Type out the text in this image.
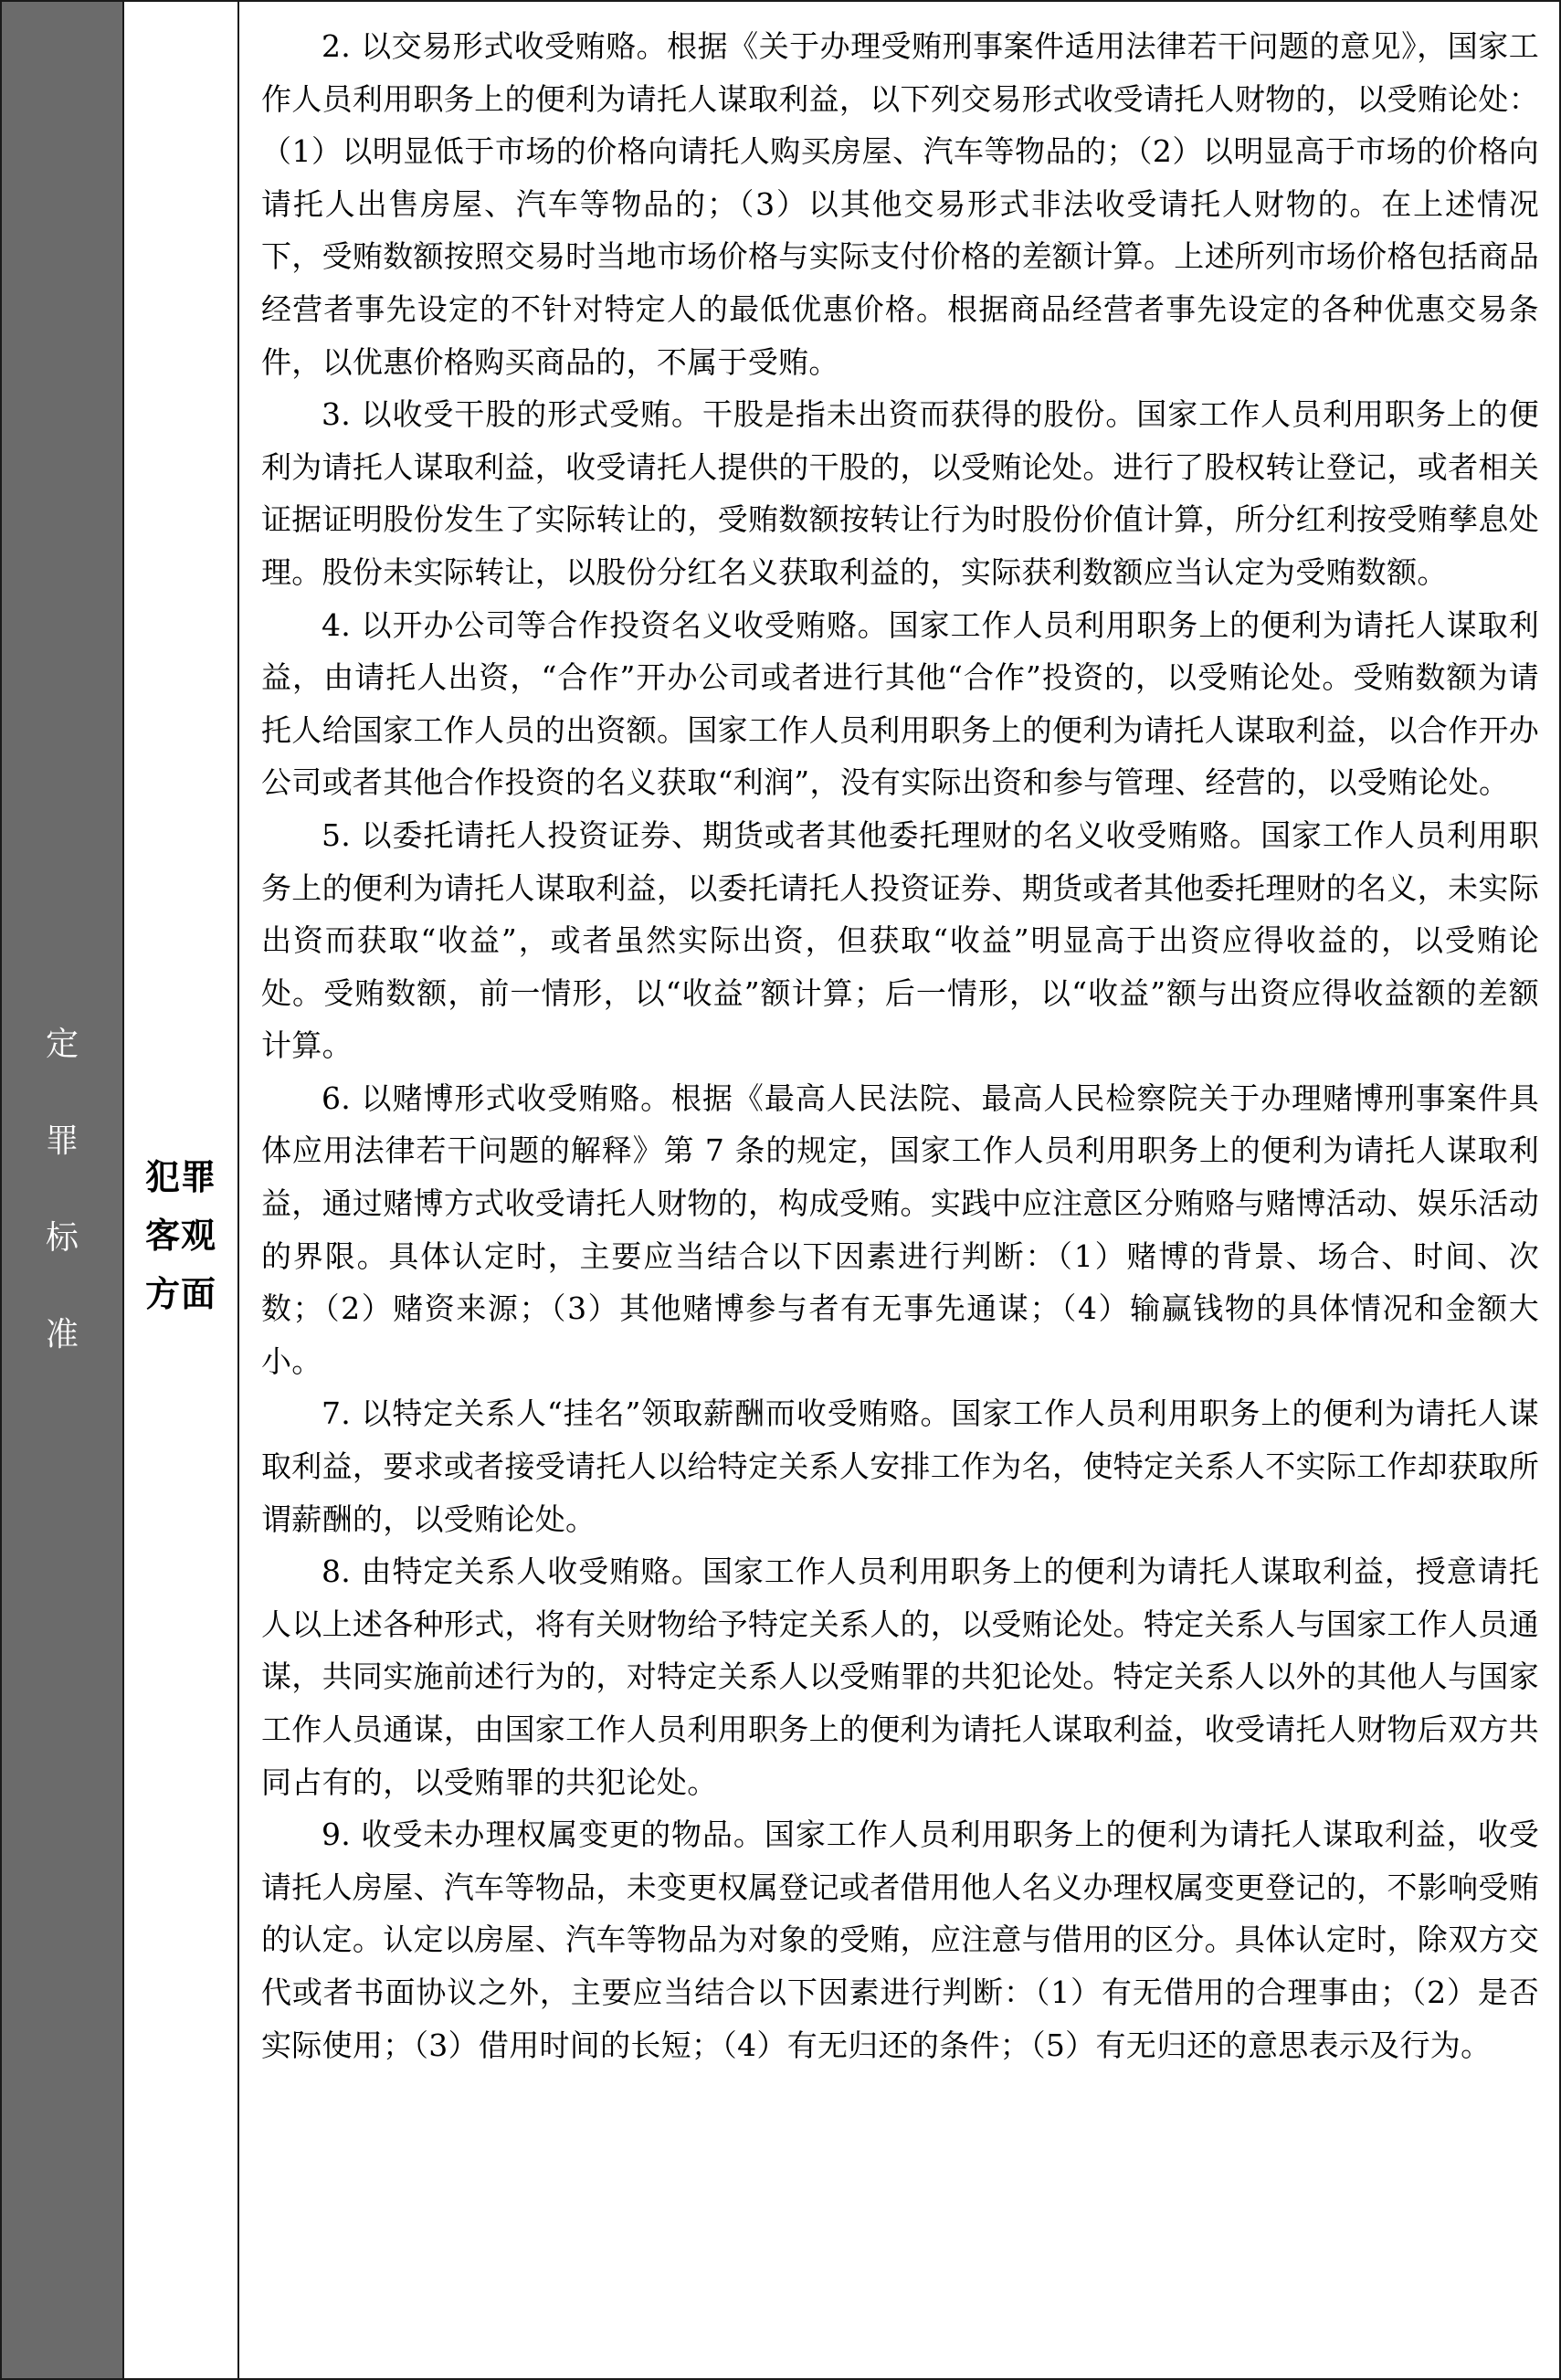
定
罪
标
准
犯罪客观方面

2. 以交易形式收受贿赂。根据《关于办理受贿刑事案件适用法律若干问题的意见》，国家工作人员利用职务上的便利为请托人谋取利益，以下列交易形式收受请托人财物的，以受贿论处：（1）以明显低于市场的价格向请托人购买房屋、汽车等物品的；（2）以明显高于市场的价格向请托人出售房屋、汽车等物品的；（3）以其他交易形式非法收受请托人财物的。在上述情况下，受贿数额按照交易时当地市场价格与实际支付价格的差额计算。上述所列市场价格包括商品经营者事先设定的不针对特定人的最低优惠价格。根据商品经营者事先设定的各种优惠交易条件，以优惠价格购买商品的，不属于受贿。

3. 以收受干股的形式受贿。干股是指未出资而获得的股份。国家工作人员利用职务上的便利为请托人谋取利益，收受请托人提供的干股的，以受贿论处。进行了股权转让登记，或者相关证据证明股份发生了实际转让的，受贿数额按转让行为时股份价值计算，所分红利按受贿孳息处理。股份未实际转让，以股份分红名义获取利益的，实际获利数额应当认定为受贿数额。

4. 以开办公司等合作投资名义收受贿赂。国家工作人员利用职务上的便利为请托人谋取利益，由请托人出资，“合作”开办公司或者进行其他“合作”投资的，以受贿论处。受贿数额为请托人给国家工作人员的出资额。国家工作人员利用职务上的便利为请托人谋取利益，以合作开办公司或者其他合作投资的名义获取“利润”，没有实际出资和参与管理、经营的，以受贿论处。

5. 以委托请托人投资证券、期货或者其他委托理财的名义收受贿赂。国家工作人员利用职务上的便利为请托人谋取利益，以委托请托人投资证券、期货或者其他委托理财的名义，未实际出资而获取“收益”，或者虽然实际出资，但获取“收益”明显高于出资应得收益的，以受贿论处。受贿数额，前一情形，以“收益”额计算；后一情形，以“收益”额与出资应得收益额的差额计算。

6. 以赌博形式收受贿赂。根据《最高人民法院、最高人民检察院关于办理赌博刑事案件具体应用法律若干问题的解释》第 7 条的规定，国家工作人员利用职务上的便利为请托人谋取利益，通过赌博方式收受请托人财物的，构成受贿。实践中应注意区分贿赂与赌博活动、娱乐活动的界限。具体认定时，主要应当结合以下因素进行判断：（1）赌博的背景、场合、时间、次数；（2）赌资来源；（3）其他赌博参与者有无事先通谋；（4）输赢钱物的具体情况和金额大小。

7. 以特定关系人“挂名”领取薪酬而收受贿赂。国家工作人员利用职务上的便利为请托人谋取利益，要求或者接受请托人以给特定关系人安排工作为名，使特定关系人不实际工作却获取所谓薪酬的，以受贿论处。

8. 由特定关系人收受贿赂。国家工作人员利用职务上的便利为请托人谋取利益，授意请托人以上述各种形式，将有关财物给予特定关系人的，以受贿论处。特定关系人与国家工作人员通谋，共同实施前述行为的，对特定关系人以受贿罪的共犯论处。特定关系人以外的其他人与国家工作人员通谋，由国家工作人员利用职务上的便利为请托人谋取利益，收受请托人财物后双方共同占有的，以受贿罪的共犯论处。

9. 收受未办理权属变更的物品。国家工作人员利用职务上的便利为请托人谋取利益，收受请托人房屋、汽车等物品，未变更权属登记或者借用他人名义办理权属变更登记的，不影响受贿的认定。认定以房屋、汽车等物品为对象的受贿，应注意与借用的区分。具体认定时，除双方交代或者书面协议之外，主要应当结合以下因素进行判断：（1）有无借用的合理事由；（2）是否实际使用；（3）借用时间的长短；（4）有无归还的条件；（5）有无归还的意思表示及行为。
